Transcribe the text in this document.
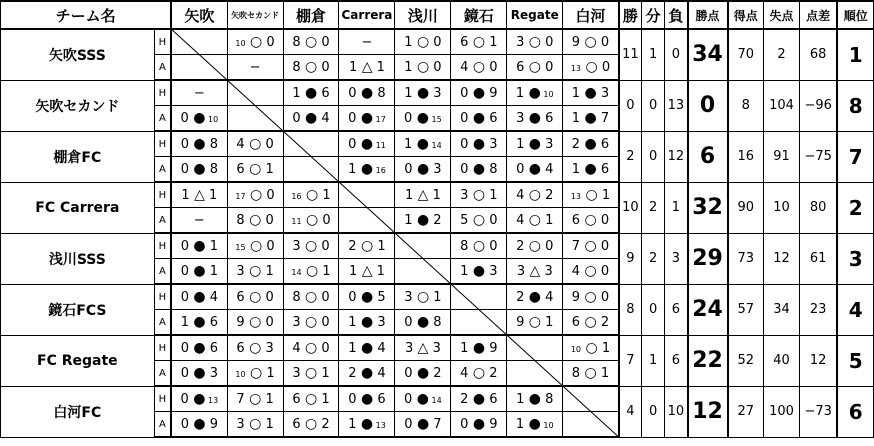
チーム名		矢吹	矢吹セカンド	棚倉	Carrera	浅川	鏡石	Regate	白河	勝	分	負	勝点	得点	失点	点差	順位
矢吹SSS	H		10 ○ 0	8 ○ 0	−	1 ○ 0	6 ○ 1	3 ○ 0	9 ○ 0	11	1	0	34	70	2	68	1
	A		−	8 ○ 0	1 △ 1	1 ○ 0	4 ○ 0	6 ○ 0	13 ○ 0								
矢吹セカンド	H	−		1 ● 6	0 ● 8	1 ● 3	0 ● 9	1 ● 10	1 ● 3	0	0	13	0	8	104	−96	8
	A	0 ● 10		0 ● 4	0 ● 17	0 ● 15	0 ● 6	3 ● 6	1 ● 7								
棚倉FC	H	0 ● 8	4 ○ 0		0 ● 11	1 ● 14	0 ● 3	1 ● 3	2 ● 6	2	0	12	6	16	91	−75	7
	A	0 ● 8	6 ○ 1		1 ● 16	0 ● 3	0 ● 8	0 ● 4	1 ● 6								
FC Carrera	H	1 △ 1	17 ○ 0	16 ○ 1		1 △ 1	3 ○ 1	4 ○ 2	13 ○ 1	10	2	1	32	90	10	80	2
	A	−	8 ○ 0	11 ○ 0		1 ● 2	5 ○ 0	4 ○ 1	6 ○ 0								
浅川SSS	H	0 ● 1	15 ○ 0	3 ○ 0	2 ○ 1		8 ○ 0	2 ○ 0	7 ○ 0	9	2	3	29	73	12	61	3
	A	0 ● 1	3 ○ 1	14 ○ 1	1 △ 1		1 ● 3	3 △ 3	4 ○ 0								
鏡石FCS	H	0 ● 4	6 ○ 0	8 ○ 0	0 ● 5	3 ○ 1		2 ● 4	9 ○ 0	8	0	6	24	57	34	23	4
	A	1 ● 6	9 ○ 0	3 ○ 0	1 ● 3	0 ● 8		9 ○ 1	6 ○ 2								
FC Regate	H	0 ● 6	6 ○ 3	4 ○ 0	1 ● 4	3 △ 3	1 ● 9		10 ○ 1	7	1	6	22	52	40	12	5
	A	0 ● 3	10 ○ 1	3 ○ 1	2 ● 4	0 ● 2	4 ○ 2		8 ○ 1								
白河FC	H	0 ● 13	7 ○ 1	6 ○ 1	0 ● 6	0 ● 14	2 ● 6	1 ● 8		4	0	10	12	27	100	−73	6
	A	0 ● 9	3 ○ 1	6 ○ 2	1 ● 13	0 ● 7	0 ● 9	1 ● 10									
